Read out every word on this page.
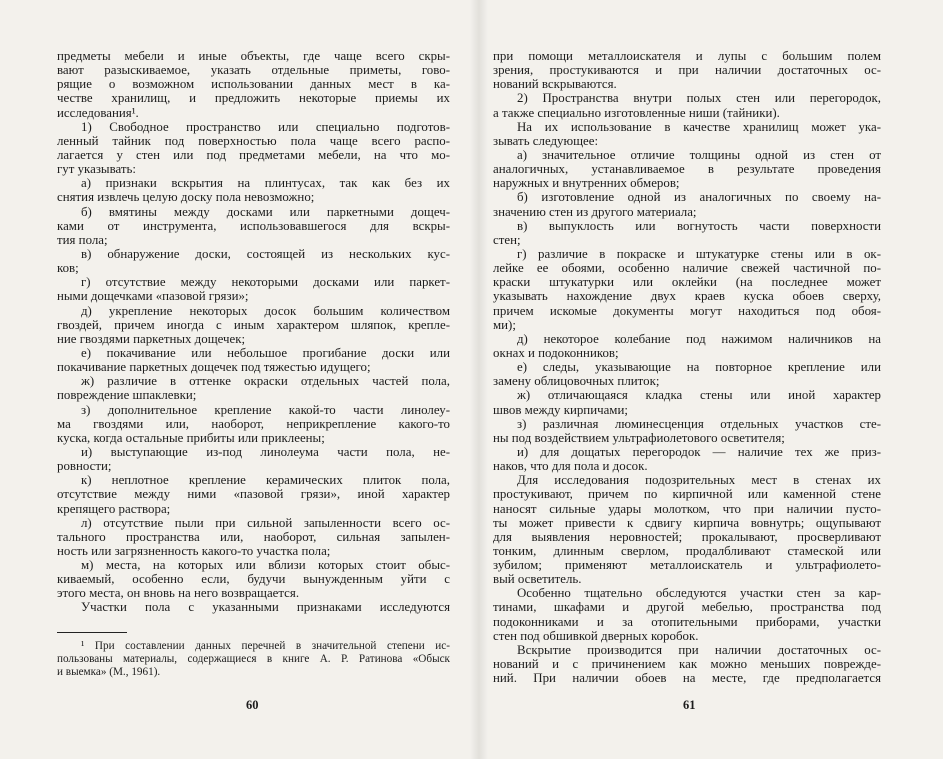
предметы мебели и иные объекты, где чаще всего скры-
вают разыскиваемое, указать отдельные приметы, гово-
рящие о возможном использовании данных мест в ка-
честве хранилищ, и предложить некоторые приемы их
исследования¹.
1) Свободное пространство или специально подготов-
ленный тайник под поверхностью пола чаще всего распо-
лагается у стен или под предметами мебели, на что мо-
гут указывать:
а) признаки вскрытия на плинтусах, так как без их
снятия извлечь целую доску пола невозможно;
б) вмятины между досками или паркетными дощеч-
ками от инструмента, использовавшегося для вскры-
тия пола;
в) обнаружение доски, состоящей из нескольких кус-
ков;
г) отсутствие между некоторыми досками или паркет-
ными дощечками «пазовой грязи»;
д) укрепление некоторых досок большим количеством
гвоздей, причем иногда с иным характером шляпок, крепле-
ние гвоздями паркетных дощечек;
е) покачивание или небольшое прогибание доски или
покачивание паркетных дощечек под тяжестью идущего;
ж) различие в оттенке окраски отдельных частей пола,
повреждение шпаклевки;
з) дополнительное крепление какой-то части линолеу-
ма гвоздями или, наоборот, неприкрепление какого-то
куска, когда остальные прибиты или приклеены;
и) выступающие из-под линолеума части пола, не-
ровности;
к) неплотное крепление керамических плиток пола,
отсутствие между ними «пазовой грязи», иной характер
крепящего раствора;
л) отсутствие пыли при сильной запыленности всего ос-
тального пространства или, наоборот, сильная запылен-
ность или загрязненность какого-то участка пола;
м) места, на которых или вблизи которых стоит обыс-
киваемый, особенно если, будучи вынужденным уйти с
этого места, он вновь на него возвращается.
Участки пола с указанными признаками исследуются
¹ При составлении данных перечней в значительной степени ис-
пользованы материалы, содержащиеся в книге А. Р. Ратинова «Обыск
и выемка» (М., 1961).
60
при помощи металлоискателя и лупы с большим полем
зрения, простукиваются и при наличии достаточных ос-
нований вскрываются.
2) Пространства внутри полых стен или перегородок,
а также специально изготовленные ниши (тайники).
На их использование в качестве хранилищ может ука-
зывать следующее:
а) значительное отличие толщины одной из стен от
аналогичных, устанавливаемое в результате проведения
наружных и внутренних обмеров;
б) изготовление одной из аналогичных по своему на-
значению стен из другого материала;
в) выпуклость или вогнутость части поверхности
стен;
г) различие в покраске и штукатурке стены или в ок-
лейке ее обоями, особенно наличие свежей частичной по-
краски штукатурки или оклейки (на последнее может
указывать нахождение двух краев куска обоев сверху,
причем искомые документы могут находиться под обоя-
ми);
д) некоторое колебание под нажимом наличников на
окнах и подоконников;
е) следы, указывающие на повторное крепление или
замену облицовочных плиток;
ж) отличающаяся кладка стены или иной характер
швов между кирпичами;
з) различная люминесценция отдельных участков сте-
ны под воздействием ультрафиолетового осветителя;
и) для дощатых перегородок — наличие тех же приз-
наков, что для пола и досок.
Для исследования подозрительных мест в стенах их
простукивают, причем по кирпичной или каменной стене
наносят сильные удары молотком, что при наличии пусто-
ты может привести к сдвигу кирпича вовнутрь; ощупывают
для выявления неровностей; прокалывают, просверливают
тонким, длинным сверлом, продалбливают стамеской или
зубилом; применяют металлоискатель и ультрафиолето-
вый осветитель.
Особенно тщательно обследуются участки стен за кар-
тинами, шкафами и другой мебелью, пространства под
подоконниками и за отопительными приборами, участки
стен под обшивкой дверных коробок.
Вскрытие производится при наличии достаточных ос-
нований и с причинением как можно меньших поврежде-
ний. При наличии обоев на месте, где предполагается
61
